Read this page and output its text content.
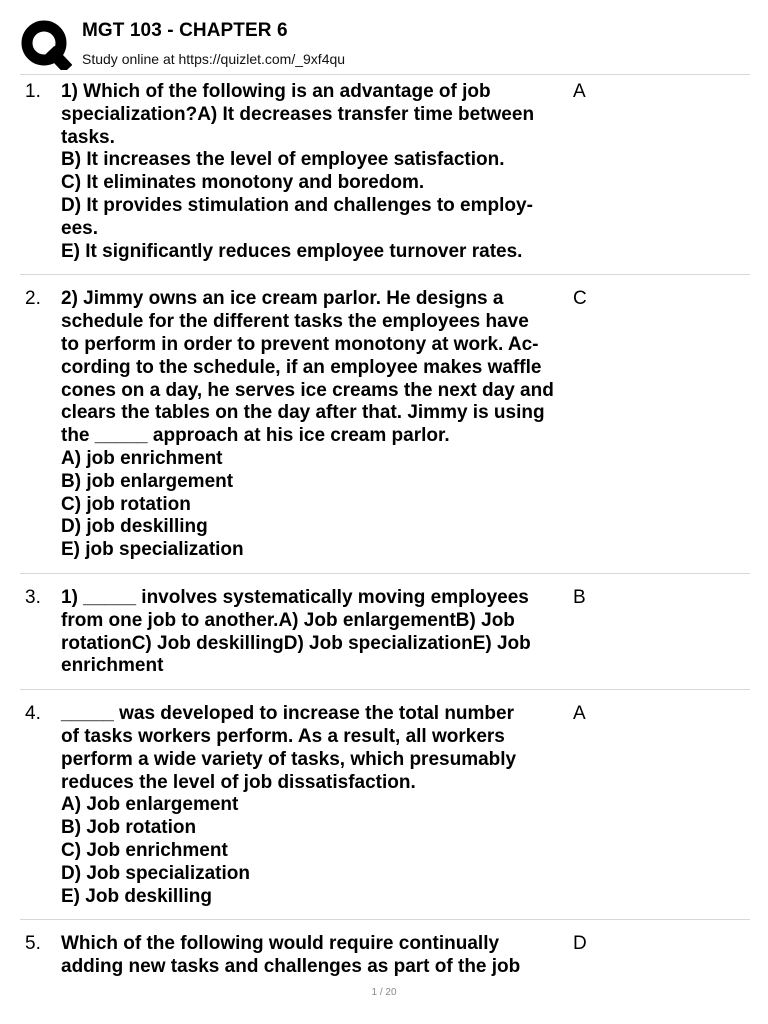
MGT 103 - CHAPTER 6
Study online at https://quizlet.com/_9xf4qu
1. 1) Which of the following is an advantage of job
specialization?A) It decreases transfer time between
tasks.
B) It increases the level of employee satisfaction.
C) It eliminates monotony and boredom.
D) It provides stimulation and challenges to employ-
ees.
E) It significantly reduces employee turnover rates.
A
2. 2) Jimmy owns an ice cream parlor. He designs a
schedule for the different tasks the employees have
to perform in order to prevent monotony at work. Ac-
cording to the schedule, if an employee makes waffle
cones on a day, he serves ice creams the next day and
clears the tables on the day after that. Jimmy is using
the _____ approach at his ice cream parlor.
A) job enrichment
B) job enlargement
C) job rotation
D) job deskilling
E) job specialization
C
3. 1) _____ involves systematically moving employees
from one job to another.A) Job enlargementB) Job
rotationC) Job deskillingD) Job specializationE) Job
enrichment
B
4. _____ was developed to increase the total number
of tasks workers perform. As a result, all workers
perform a wide variety of tasks, which presumably
reduces the level of job dissatisfaction.
A) Job enlargement
B) Job rotation
C) Job enrichment
D) Job specialization
E) Job deskilling
A
5. Which of the following would require continually
adding new tasks and challenges as part of the job
D
1 / 20
